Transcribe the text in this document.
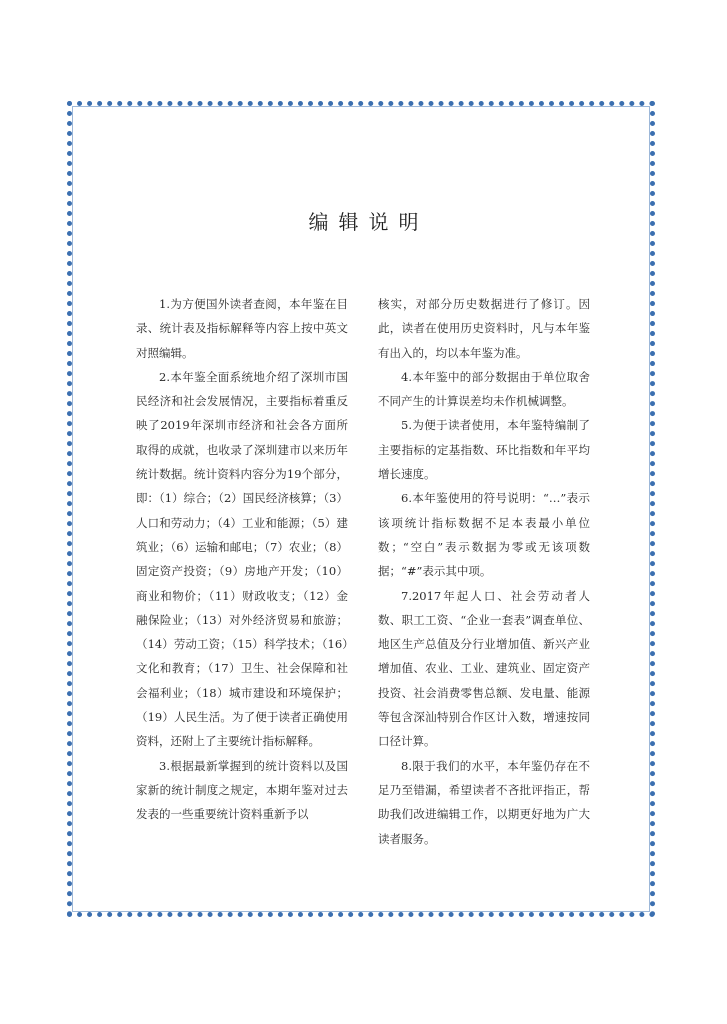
编辑说明

1.为方便国外读者查阅，本年鉴在目录、统计表及指标解释等内容上按中英文对照编辑。

2.本年鉴全面系统地介绍了深圳市国民经济和社会发展情况，主要指标着重反映了2019年深圳市经济和社会各方面所取得的成就，也收录了深圳建市以来历年统计数据。统计资料内容分为19个部分，即：（1）综合；（2）国民经济核算；（3）人口和劳动力；（4）工业和能源；（5）建筑业；（6）运输和邮电；（7）农业；（8）固定资产投资；（9）房地产开发；（10）商业和物价；（11）财政收支；（12）金融保险业；（13）对外经济贸易和旅游；（14）劳动工资；（15）科学技术；（16）文化和教育；（17）卫生、社会保障和社会福利业；（18）城市建设和环境保护；（19）人民生活。为了便于读者正确使用资料，还附上了主要统计指标解释。

3.根据最新掌握到的统计资料以及国家新的统计制度之规定，本期年鉴对过去发表的一些重要统计资料重新予以

核实，对部分历史数据进行了修订。因此，读者在使用历史资料时，凡与本年鉴有出入的，均以本年鉴为准。

4.本年鉴中的部分数据由于单位取舍不同产生的计算误差均未作机械调整。

5.为便于读者使用，本年鉴特编制了主要指标的定基指数、环比指数和年平均增长速度。

6.本年鉴使用的符号说明：“…”表示该项统计指标数据不足本表最小单位数；“空白”表示数据为零或无该项数据；“#”表示其中项。

7.2017年起人口、社会劳动者人数、职工工资、“企业一套表”调查单位、地区生产总值及分行业增加值、新兴产业增加值、农业、工业、建筑业、固定资产投资、社会消费零售总额、发电量、能源等包含深汕特别合作区计入数，增速按同口径计算。

8.限于我们的水平，本年鉴仍存在不足乃至错漏，希望读者不吝批评指正，帮助我们改进编辑工作，以期更好地为广大读者服务。
